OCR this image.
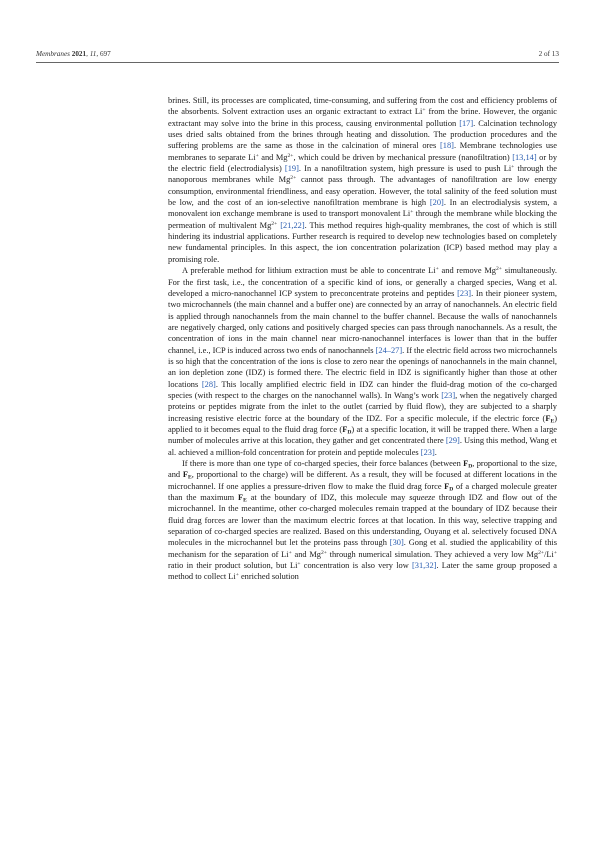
Membranes 2021, 11, 697	2 of 13

brines. Still, its processes are complicated, time-consuming, and suffering from the cost and efficiency problems of the absorbents. Solvent extraction uses an organic extractant to extract Li+ from the brine. However, the organic extractant may solve into the brine in this process, causing environmental pollution [17]. Calcination technology uses dried salts obtained from the brines through heating and dissolution. The production procedures and the suffering problems are the same as those in the calcination of mineral ores [18]. Membrane technologies use membranes to separate Li+ and $Mg^{2+}$, which could be driven by mechanical pressure (nanofiltration) [13,14] or by the electric field (electrodialysis) [19]. In a nanofiltration system, high pressure is used to push Li+ through the nanoporous membranes while $Mg^{2+}$ cannot pass through. The advantages of nanofiltration are low energy consumption, environmental friendliness, and easy operation. However, the total salinity of the feed solution must be low, and the cost of an ion-selective nanofiltration membrane is high [20]. In an electrodialysis system, a monovalent ion exchange membrane is used to transport monovalent Li+ through the membrane while blocking the permeation of multivalent $Mg^{2+}$ [21,22]. This method requires high-quality membranes, the cost of which is still hindering its industrial applications. Further research is required to develop new technologies based on completely new fundamental principles. In this aspect, the ion concentration polarization (ICP) based method may play a promising role.

A preferable method for lithium extraction must be able to concentrate Li+ and remove $Mg^{2+}$ simultaneously. For the first task, i.e., the concentration of a specific kind of ions, or generally a charged species, Wang et al. developed a micro-nanochannel ICP system to preconcentrate proteins and peptides [23]. In their pioneer system, two microchannels (the main channel and a buffer one) are connected by an array of nanochannels. An electric field is applied through nanochannels from the main channel to the buffer channel. Because the walls of nanochannels are negatively charged, only cations and positively charged species can pass through nanochannels. As a result, the concentration of ions in the main channel near micro-nanochannel interfaces is lower than that in the buffer channel, i.e., ICP is induced across two ends of nanochannels [24–27]. If the electric field across two microchannels is so high that the concentration of the ions is close to zero near the openings of nanochannels in the main channel, an ion depletion zone (IDZ) is formed there. The electric field in IDZ is significantly higher than those at other locations [28]. This locally amplified electric field in IDZ can hinder the fluid-drag motion of the co-charged species (with respect to the charges on the nanochannel walls). In Wang’s work [23], when the negatively charged proteins or peptides migrate from the inlet to the outlet (carried by fluid flow), they are subjected to a sharply increasing resistive electric force at the boundary of the IDZ. For a specific molecule, if the electric force $(F_E)$ applied to it becomes equal to the fluid drag force $(F_D)$ at a specific location, it will be trapped there. When a large number of molecules arrive at this location, they gather and get concentrated there [29]. Using this method, Wang et al. achieved a million-fold concentration for protein and peptide molecules [23].

If there is more than one type of co-charged species, their force balances (between $F_D$, proportional to the size, and $F_E$, proportional to the charge) will be different. As a result, they will be focused at different locations in the microchannel. If one applies a pressure-driven flow to make the fluid drag force $F_D$ of a charged molecule greater than the maximum $F_E$ at the boundary of IDZ, this molecule may squeeze through IDZ and flow out of the microchannel. In the meantime, other co-charged molecules remain trapped at the boundary of IDZ because their fluid drag forces are lower than the maximum electric forces at that location. In this way, selective trapping and separation of co-charged species are realized. Based on this understanding, Ouyang et al. selectively focused DNA molecules in the microchannel but let the proteins pass through [30]. Gong et al. studied the applicability of this mechanism for the separation of Li+ and $Mg^{2+}$ through numerical simulation. They achieved a very low $Mg^{2+}/Li^+$ ratio in their product solution, but Li+ concentration is also very low [31,32]. Later the same group proposed a method to collect Li+ enriched solution
